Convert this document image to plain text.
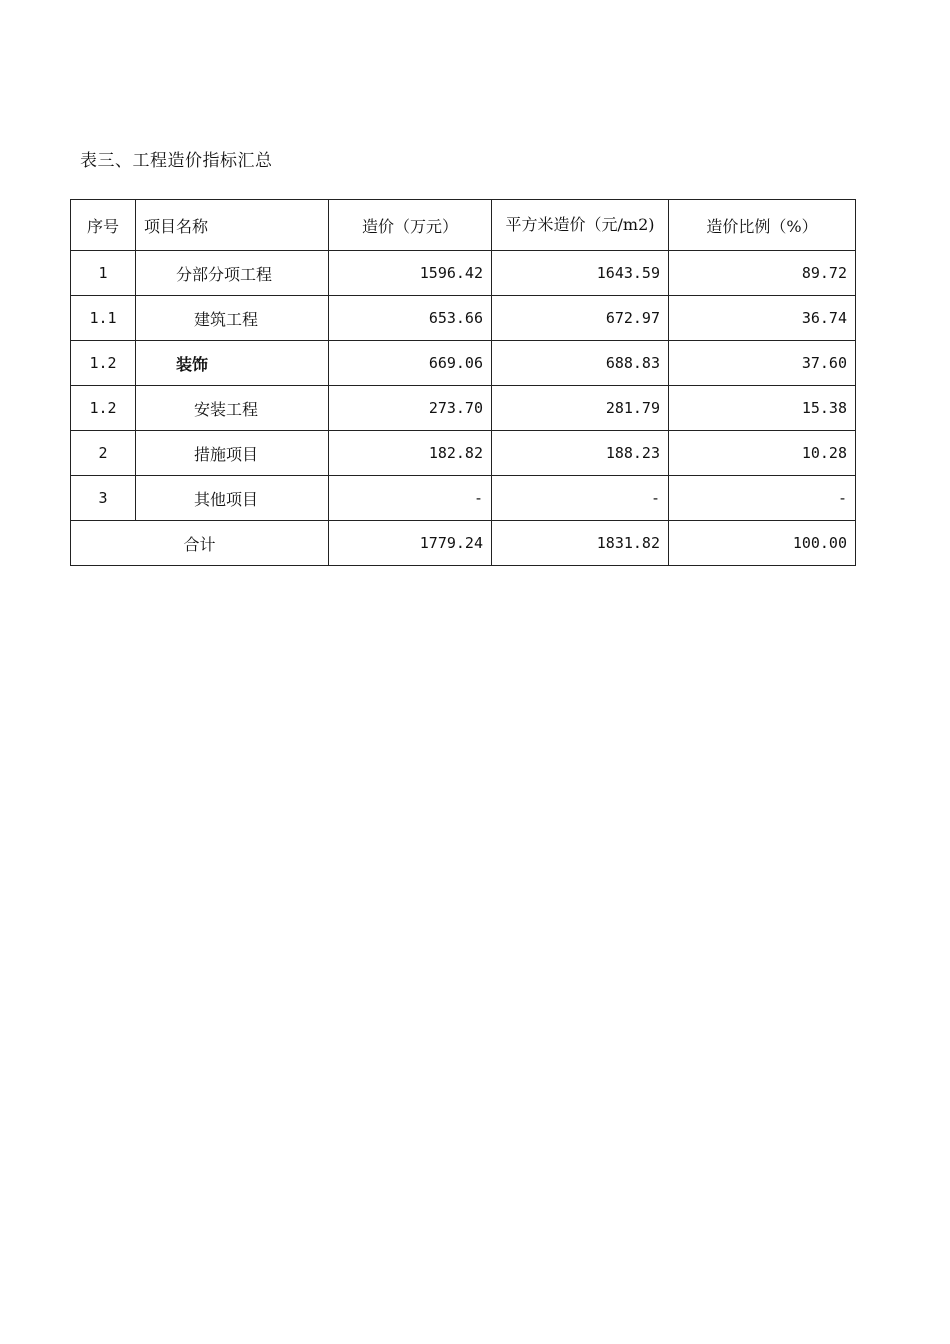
表三、工程造价指标汇总
序号	项目名称	造价（万元）	平方米造价（元/m2)	造价比例（%）
1	分部分项工程	1596.42	1643.59	89.72
1.1	建筑工程	653.66	672.97	36.74
1.2	装饰	669.06	688.83	37.60
1.2	安装工程	273.70	281.79	15.38
2	措施项目	182.82	188.23	10.28
3	其他项目	-	-	-
合计		1779.24	1831.82	100.00
